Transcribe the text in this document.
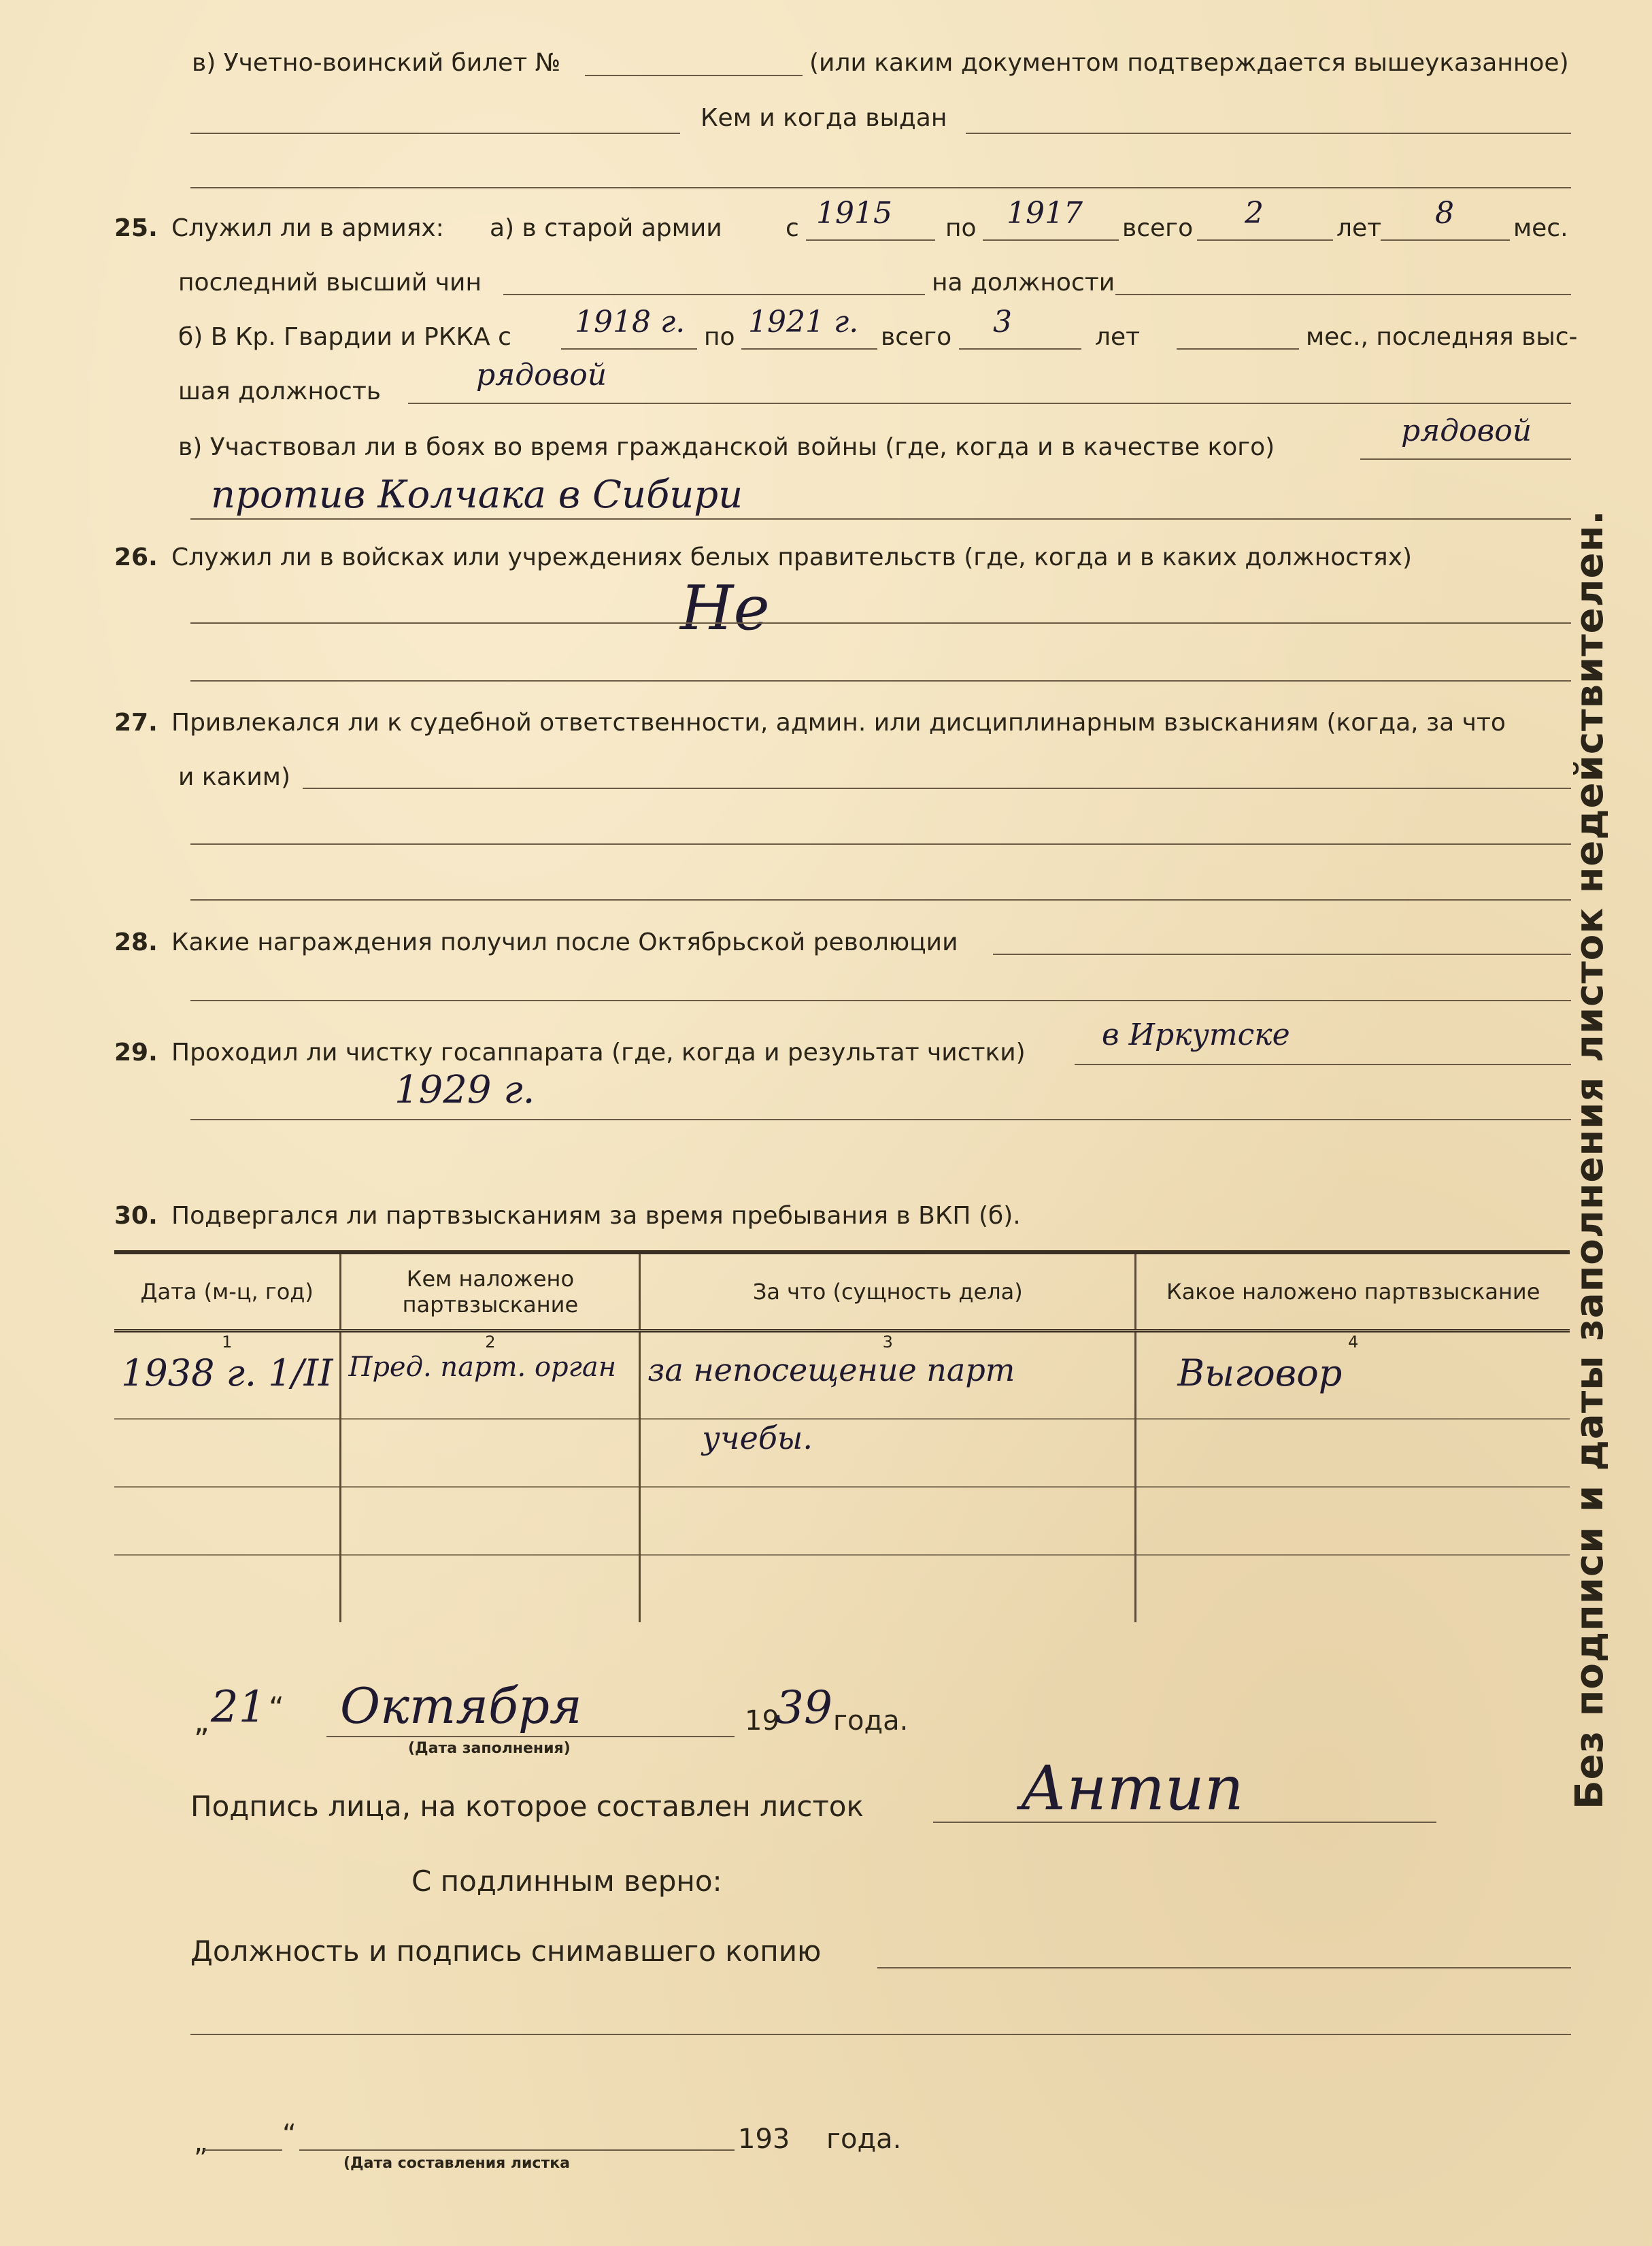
в) Учетно-воинский билет №	(или каким документом подтверждается вышеуказанное)
Кем и когда выдан
25. Служил ли в армиях: а) в старой армии	с 1915 по 1917 всего 2	лет 8 мес.
последний высший чин	на должности
б) В Кр. Гвардии и РККА с 1918 г. по 1921 г. всего 3	лет	мес., последняя выс-
шая должность	рядовой
в) Участвовал ли в боях во время гражданской войны (где, когда и в качестве кого)	рядовой
против Колчака в Сибири
26. Служил ли в войсках или учреждениях белых правительств (где, когда и в каких должностях)
Не
27. Привлекался ли к судебной ответственности, админ. или дисциплинарным взысканиям (когда, за что
и каким)
28. Какие награждения получил после Октябрьской революции
29. Проходил ли чистку госаппарата (где, когда и результат чистки)
в Иркутске
1929 г.
30. Подвергался ли партвзысканиям за время пребывания в ВКП (б).
Дата (м-ц, год)	Кем наложено партвзыскание	За что (сущность дела)	Какое наложено партвзыскание
1	2	3	4
1938 г. 1/II	Пред. парт. орган	за непосещение парт	Выговор
		учебы.	

„ 21 “ Октября
(Дата заполнения)
19
39 года.
Подпись лица, на которое составлен листок	Антип
С подлинным верно:
Должность и подпись снимавшего копию
„	“	193 года.
(Дата составления листка
Без подписи и даты заполнения листок недействителен.
